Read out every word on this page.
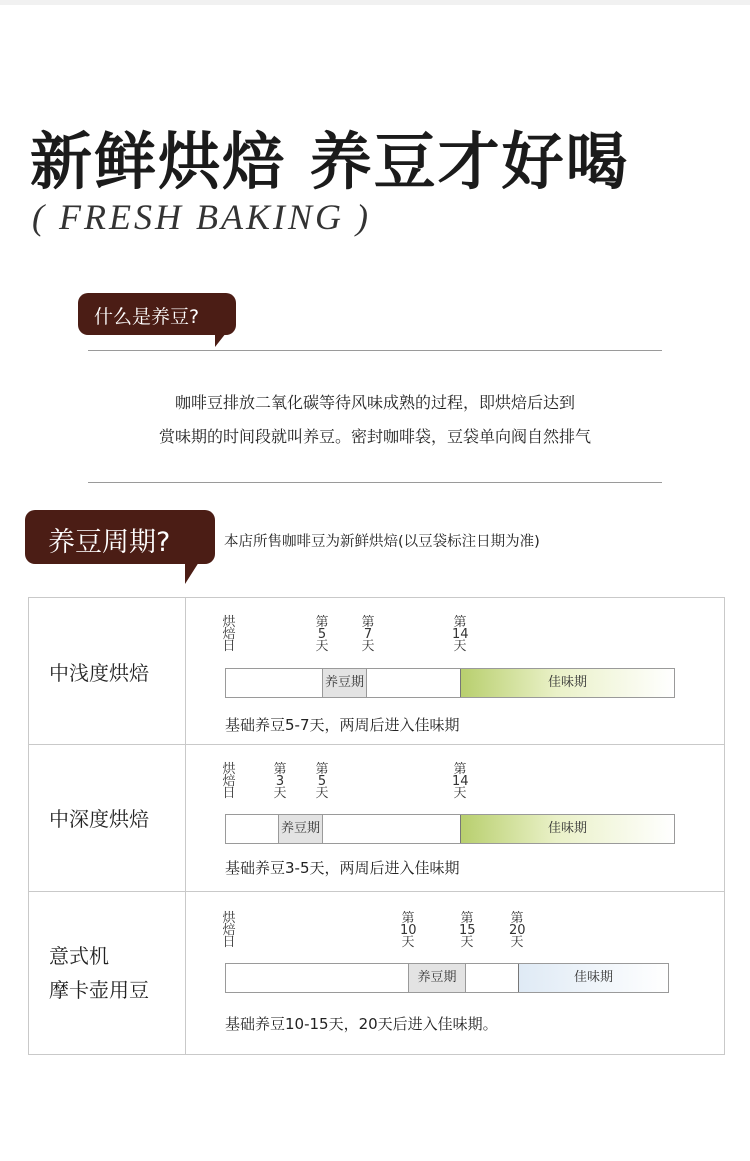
新鲜烘焙 养豆才好喝
( FRESH BAKING )
什么是养豆?
咖啡豆排放二氧化碳等待风味成熟的过程，即烘焙后达到
赏味期的时间段就叫养豆。密封咖啡袋，豆袋单向阀自然排气
养豆周期?	本店所售咖啡豆为新鲜烘焙(以豆袋标注日期为准)
中浅度烘焙
烘
焙
日
第
5
天
第
7
天
第
14
天
养豆期	佳味期
基础养豆5-7天，两周后进入佳味期
中深度烘焙
烘
焙
日
第
3
天
第
5
天
第
14
天
养豆期	佳味期
基础养豆3-5天，两周后进入佳味期
意式机
摩卡壶用豆
烘
焙
日
第
10
天
第
15
天
第
20
天
养豆期	佳味期
基础养豆10-15天，20天后进入佳味期。
